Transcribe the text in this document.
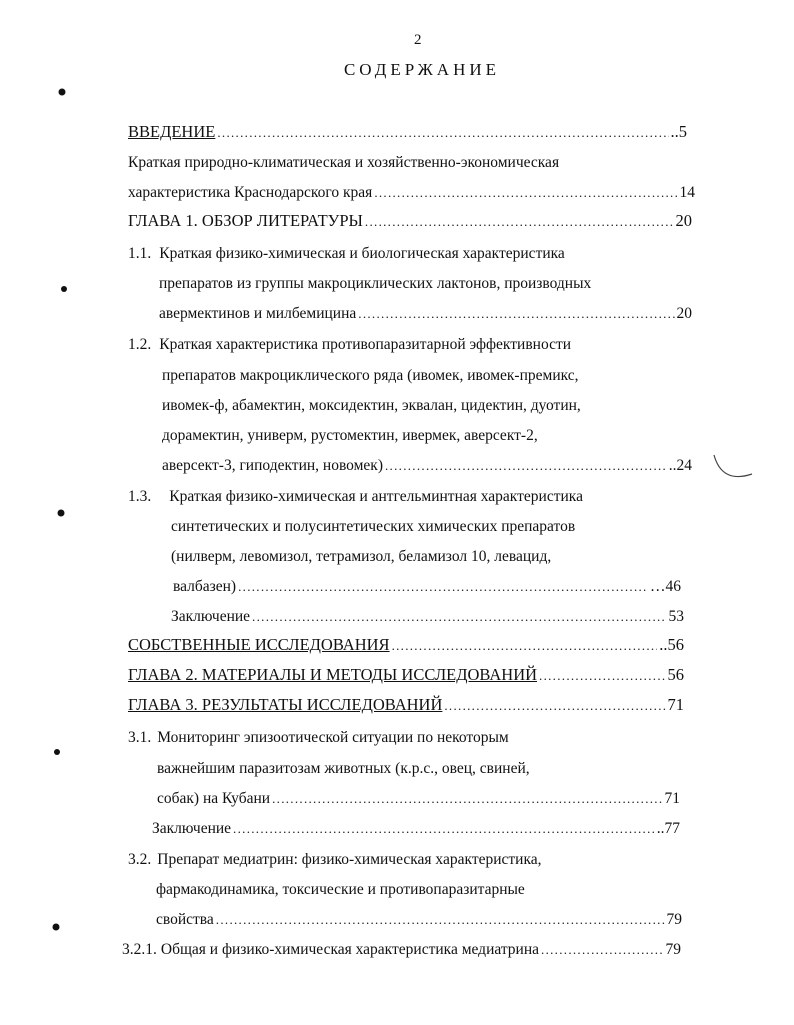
2
СОДЕРЖАНИЕ
ВВЕДЕНИЕ .....	..5
Краткая природно-климатическая и хозяйственно-экономическая
характеристика Краснодарского края .....	14
ГЛАВА 1. ОБЗОР ЛИТЕРАТУРЫ .....	20
1.1. Краткая физико-химическая и биологическая характеристика
препаратов из группы макроциклических лактонов, производных
авермектинов и милбемицина .....	20
1.2. Краткая характеристика противопаразитарной эффективности
препаратов макроциклического ряда (ивомек, ивомек-премикс,
ивомек-ф, абамектин, моксидектин, эквалан, цидектин, дуотин,
дорамектин, универм, рустомектин, ивермек, аверсект-2,
аверсект-3, гиподектин, новомек) .....	..24
1.3. Краткая физико-химическая и антгельминтная характеристика
синтетических и полусинтетических химических препаратов
(нилверм, левомизол, тетрамизол, беламизол 10, левацид,
валбазен) .....	…46
Заключение .....	53
СОБСТВЕННЫЕ ИССЛЕДОВАНИЯ .....	..56
ГЛАВА 2. МАТЕРИАЛЫ И МЕТОДЫ ИССЛЕДОВАНИЙ .....	56
ГЛАВА 3. РЕЗУЛЬТАТЫ ИССЛЕДОВАНИЙ .....	71
3.1. Мониторинг эпизоотической ситуации по некоторым
важнейшим паразитозам животных (к.р.с., овец, свиней,
собак) на Кубани .....	71
Заключение .....	..77
3.2. Препарат медиатрин: физико-химическая характеристика,
фармакодинамика, токсические и противопаразитарные
свойства .....	79
3.2.1. Общая и физико-химическая характеристика медиатрина .....	79
